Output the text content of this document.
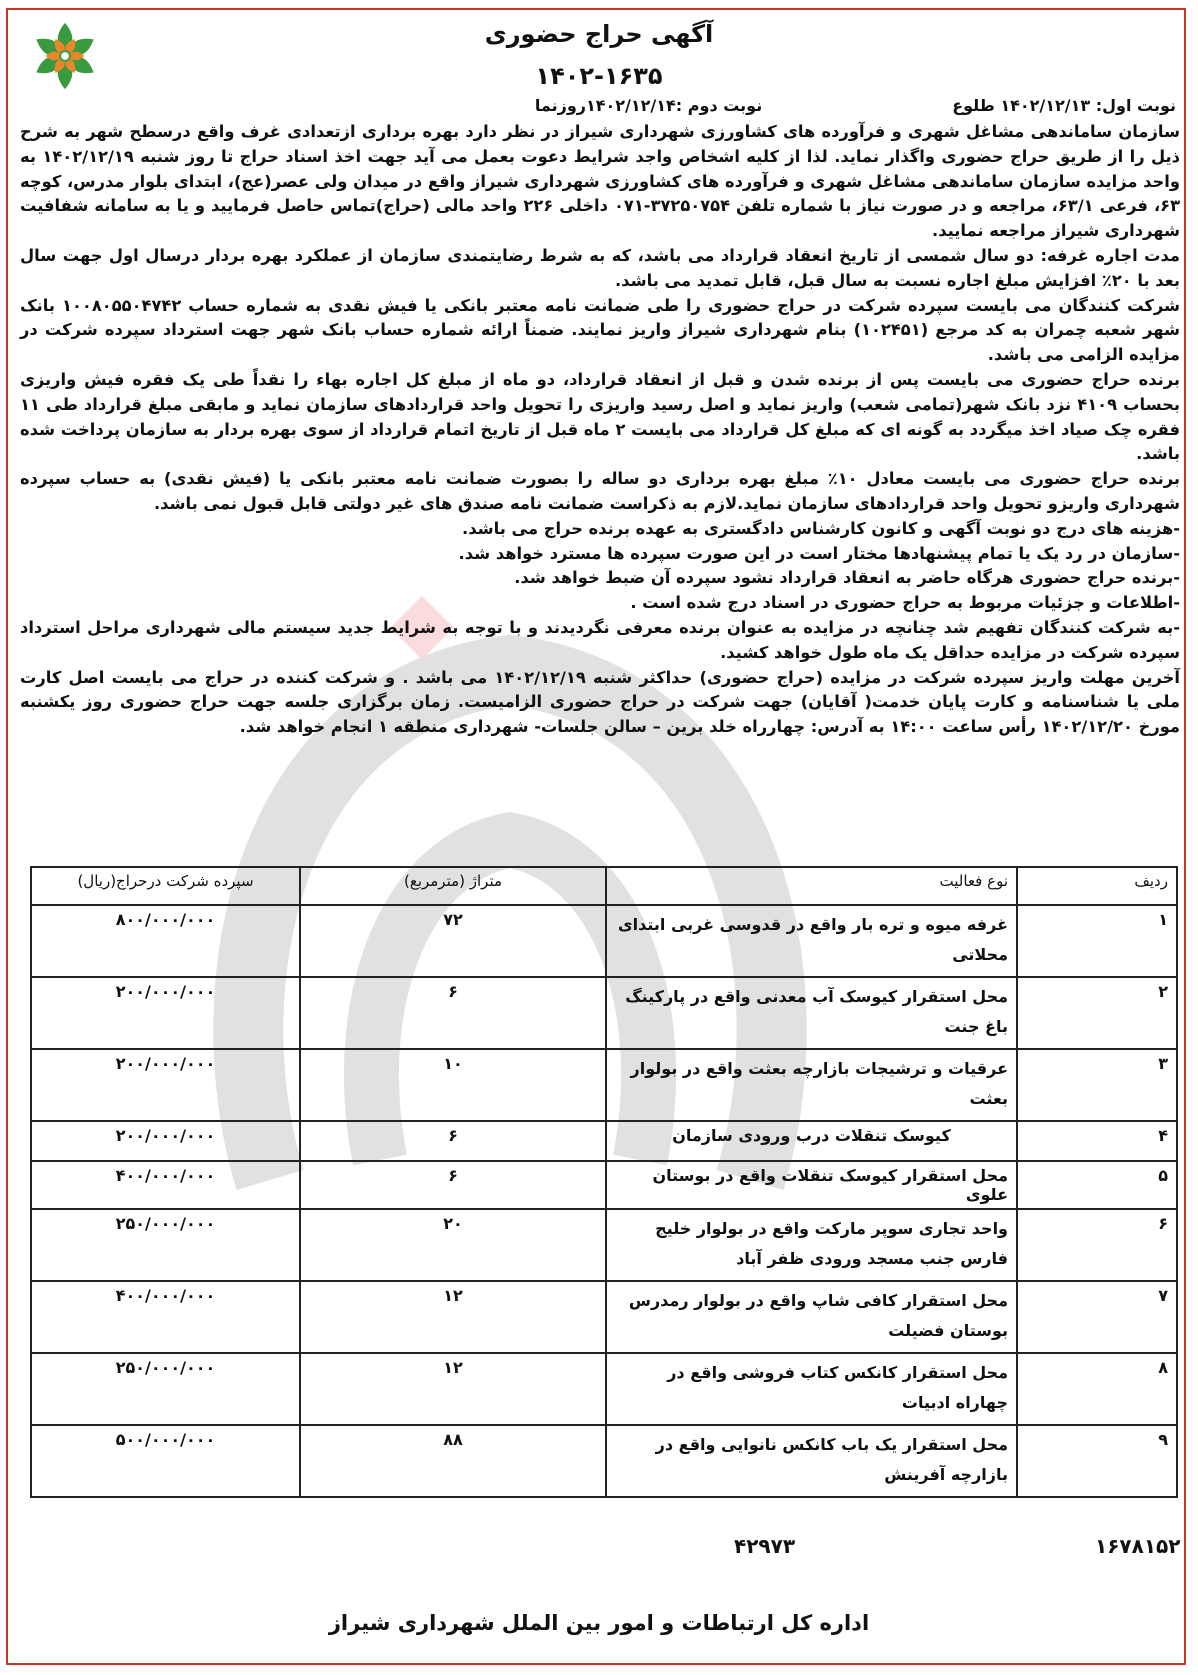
آگهی حراج حضوری
۱۴۰۲-۱۶۳۵
نوبت اول: ۱۴۰۲/۱۲/۱۳ طلوع
نوبت دوم :۱۴۰۲/۱۲/۱۴روزنما

سازمان ساماندهی مشاغل شهری و فرآورده های کشاورزی شهرداری شیراز در نظر دارد بهره برداری ازتعدادی غرف واقع درسطح شهر به شرح ذیل را از طریق حراج حضوری واگذار نماید. لذا از کلیه اشخاص واجد شرایط دعوت بعمل می آید جهت اخذ اسناد حراج تا روز شنبه ۱۴۰۲/۱۲/۱۹ به واحد مزایده سازمان ساماندهی مشاغل شهری و فرآورده های کشاورزی شهرداری شیراز واقع در میدان ولی عصر(عج)، ابتدای بلوار مدرس، کوچه ۶۳، فرعی ۶۳/۱، مراجعه و در صورت نیاز با شماره تلفن ۳۷۲۵۰۷۵۴-۰۷۱ داخلی ۲۲۶ واحد مالی (حراج)تماس حاصل فرمایید و یا به سامانه شفافیت شهرداری شیراز مراجعه نمایید.

مدت اجاره غرفه: دو سال شمسی از تاریخ انعقاد قرارداد می باشد، که به شرط رضایتمندی سازمان از عملکرد بهره بردار درسال اول جهت سال بعد با ۲۰٪ افزایش مبلغ اجاره نسبت به سال قبل، قابل تمدید می باشد.

شرکت کنندگان می بایست سپرده شرکت در حراج حضوری را طی ضمانت نامه معتبر بانکی یا فیش نقدی به شماره حساب ۱۰۰۸۰۵۵۰۴۷۴۲ بانک شهر شعبه چمران به کد مرجع (۱۰۲۴۵۱) بنام شهرداری شیراز واریز نمایند. ضمناً ارائه شماره حساب بانک شهر جهت استرداد سپرده شرکت در مزایده الزامی می باشد.

برنده حراج حضوری می بایست پس از برنده شدن و قبل از انعقاد قرارداد، دو ماه از مبلغ کل اجاره بهاء را نقداً طی یک فقره فیش واریزی بحساب ۴۱۰۹ نزد بانک شهر(تمامی شعب) واریز نماید و اصل رسید واریزی را تحویل واحد قراردادهای سازمان نماید و مابقی مبلغ قرارداد طی ۱۱ فقره چک صیاد اخذ میگردد به گونه ای که مبلغ کل قرارداد می بایست ۲ ماه قبل از تاریخ اتمام قرارداد از سوی بهره بردار به سازمان پرداخت شده باشد.

برنده حراج حضوری می بایست معادل ۱۰٪ مبلغ بهره برداری دو ساله را بصورت ضمانت نامه معتبر بانکی یا (فیش نقدی) به حساب سپرده شهرداری واریزو تحویل واحد قراردادهای سازمان نماید.لازم به ذکراست ضمانت نامه صندق های غیر دولتی قابل قبول نمی باشد.

-هزینه های درج دو نوبت آگهی و کانون کارشناس دادگستری به عهده برنده حراج می باشد.

-سازمان در رد یک یا تمام پیشنهادها مختار است در این صورت سپرده ها مسترد خواهد شد.

-برنده حراج حضوری هرگاه حاضر به انعقاد قرارداد نشود سپرده آن ضبط خواهد شد.

-اطلاعات و جزئیات مربوط به حراج حضوری در اسناد درج شده است .

-به شرکت کنندگان تفهیم شد چنانچه در مزایده به عنوان برنده معرفی نگردیدند و با توجه به شرایط جدید سیستم مالی شهرداری مراحل استرداد سپرده شرکت در مزایده حداقل یک ماه طول خواهد کشید.

آخرین مهلت واریز سپرده شرکت در مزایده (حراج حضوری) حداکثر شنبه ۱۴۰۲/۱۲/۱۹ می باشد . و شرکت کننده در حراج می بایست اصل کارت ملی یا شناسنامه و کارت پایان خدمت( آقایان) جهت شرکت در حراج حضوری الزامیست. زمان برگزاری جلسه جهت حراج حضوری روز یکشنبه مورخ ۱۴۰۲/۱۲/۲۰ رأس ساعت ۱۴:۰۰ به آدرس: چهارراه خلد برین – سالن جلسات- شهرداری منطقه ۱ انجام خواهد شد.

ردیف	نوع فعالیت	متراژ (مترمربع)	سپرده شرکت درحراج(ریال)
۱	غرفه میوه و تره بار واقع در قدوسی غربی ابتدای محلاتی	۷۲	۸۰۰/۰۰۰/۰۰۰
۲	محل استقرار کیوسک آب معدنی واقع در پارکینگ باغ جنت	۶	۲۰۰/۰۰۰/۰۰۰
۳	عرقیات و ترشیجات بازارچه بعثت واقع در بولوار بعثت	۱۰	۲۰۰/۰۰۰/۰۰۰
۴	کیوسک تنقلات درب ورودی سازمان	۶	۲۰۰/۰۰۰/۰۰۰
۵	محل استقرار کیوسک تنقلات واقع در بوستان علوی	۶	۴۰۰/۰۰۰/۰۰۰
۶	واحد تجاری سوپر مارکت واقع در بولوار خلیج فارس جنب مسجد ورودی ظفر آباد	۲۰	۲۵۰/۰۰۰/۰۰۰
۷	محل استقرار کافی شاپ واقع در بولوار رمدرس بوستان فضیلت	۱۲	۴۰۰/۰۰۰/۰۰۰
۸	محل استقرار کانکس کتاب فروشی واقع در چهاراه ادبیات	۱۲	۲۵۰/۰۰۰/۰۰۰
۹	محل استقرار یک باب کانکس نانوایی واقع در بازارچه آفرینش	۸۸	۵۰۰/۰۰۰/۰۰۰
۱۶۷۸۱۵۲
۴۲۹۷۳
اداره کل ارتباطات و امور بین الملل شهرداری شیراز
